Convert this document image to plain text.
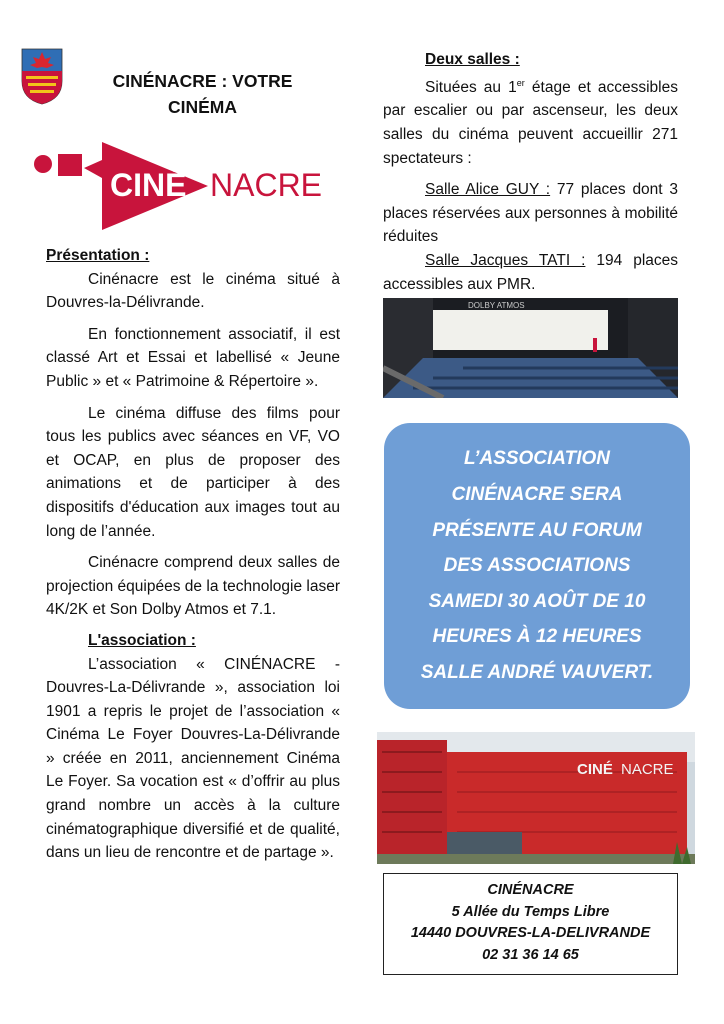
CINÉNACRE : VOTRE CINÉMA
CINÉ NACRE

Présentation :

Cinénacre est le cinéma situé à Douvres-la-Délivrande.

En fonctionnement associatif, il est classé Art et Essai et labellisé « Jeune Public » et « Patrimoine & Répertoire ».

Le cinéma diffuse des films pour tous les publics avec séances en VF, VO et OCAP, en plus de proposer des animations et de participer à des dispositifs d'éducation aux images tout au long de l’année.

Cinénacre comprend deux salles de projection équipées de la technologie laser 4K/2K et Son Dolby Atmos et 7.1.

L'association :

L’association « CINÉNACRE - Douvres-La-Délivrande », association loi 1901 a repris le projet de l’association « Cinéma Le Foyer Douvres-La-Délivrande » créée en 2011, anciennement Cinéma Le Foyer. Sa vocation est « d’offrir au plus grand nombre un accès à la culture cinématographique diversifié et de qualité, dans un lieu de rencontre et de partage ».

Deux salles :

Situées au 1er étage et accessibles par escalier ou par ascenseur, les deux salles du cinéma peuvent accueillir 271 spectateurs :

Salle Alice GUY : 77 places dont 3 places réservées aux personnes à mobilité réduites

Salle Jacques TATI : 194 places accessibles aux PMR.

DOLBY ATMOS

L’ASSOCIATION

CINÉNACRE SERA

PRÉSENTE AU FORUM

DES ASSOCIATIONS

SAMEDI 30 AOÛT DE 10

HEURES À 12 HEURES

SALLE ANDRÉ VAUVERT.

CINÉ NACRE
CINÉNACRE
5 Allée du Temps Libre
14440 DOUVRES-LA-DELIVRANDE
02 31 36 14 65
